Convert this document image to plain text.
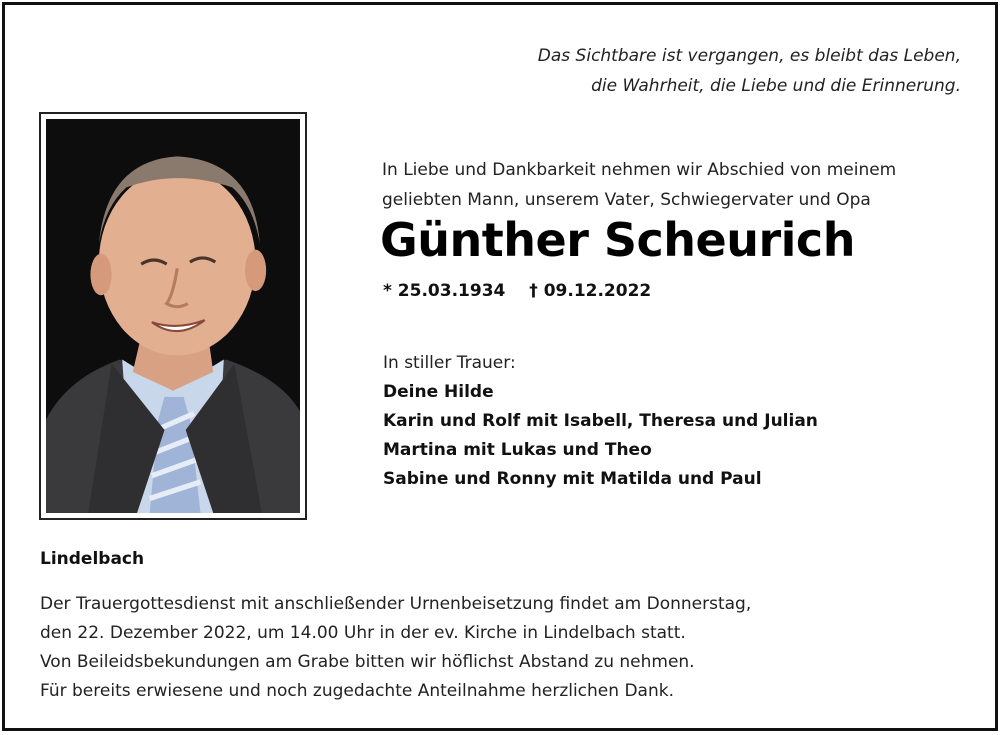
Das Sichtbare ist vergangen, es bleibt das Leben,
die Wahrheit, die Liebe und die Erinnerung.
In Liebe und Dankbarkeit nehmen wir Abschied von meinem
geliebten Mann, unserem Vater, Schwiegervater und Opa
Günther Scheurich
* 25.03.1934 † 09.12.2022
In stiller Trauer:
Deine Hilde
Karin und Rolf mit Isabell, Theresa und Julian
Martina mit Lukas und Theo
Sabine und Ronny mit Matilda und Paul
Lindelbach
Der Trauergottesdienst mit anschließender Urnenbeisetzung findet am Donnerstag,
den 22. Dezember 2022, um 14.00 Uhr in der ev. Kirche in Lindelbach statt.
Von Beileidsbekundungen am Grabe bitten wir höflichst Abstand zu nehmen.
Für bereits erwiesene und noch zugedachte Anteilnahme herzlichen Dank.
